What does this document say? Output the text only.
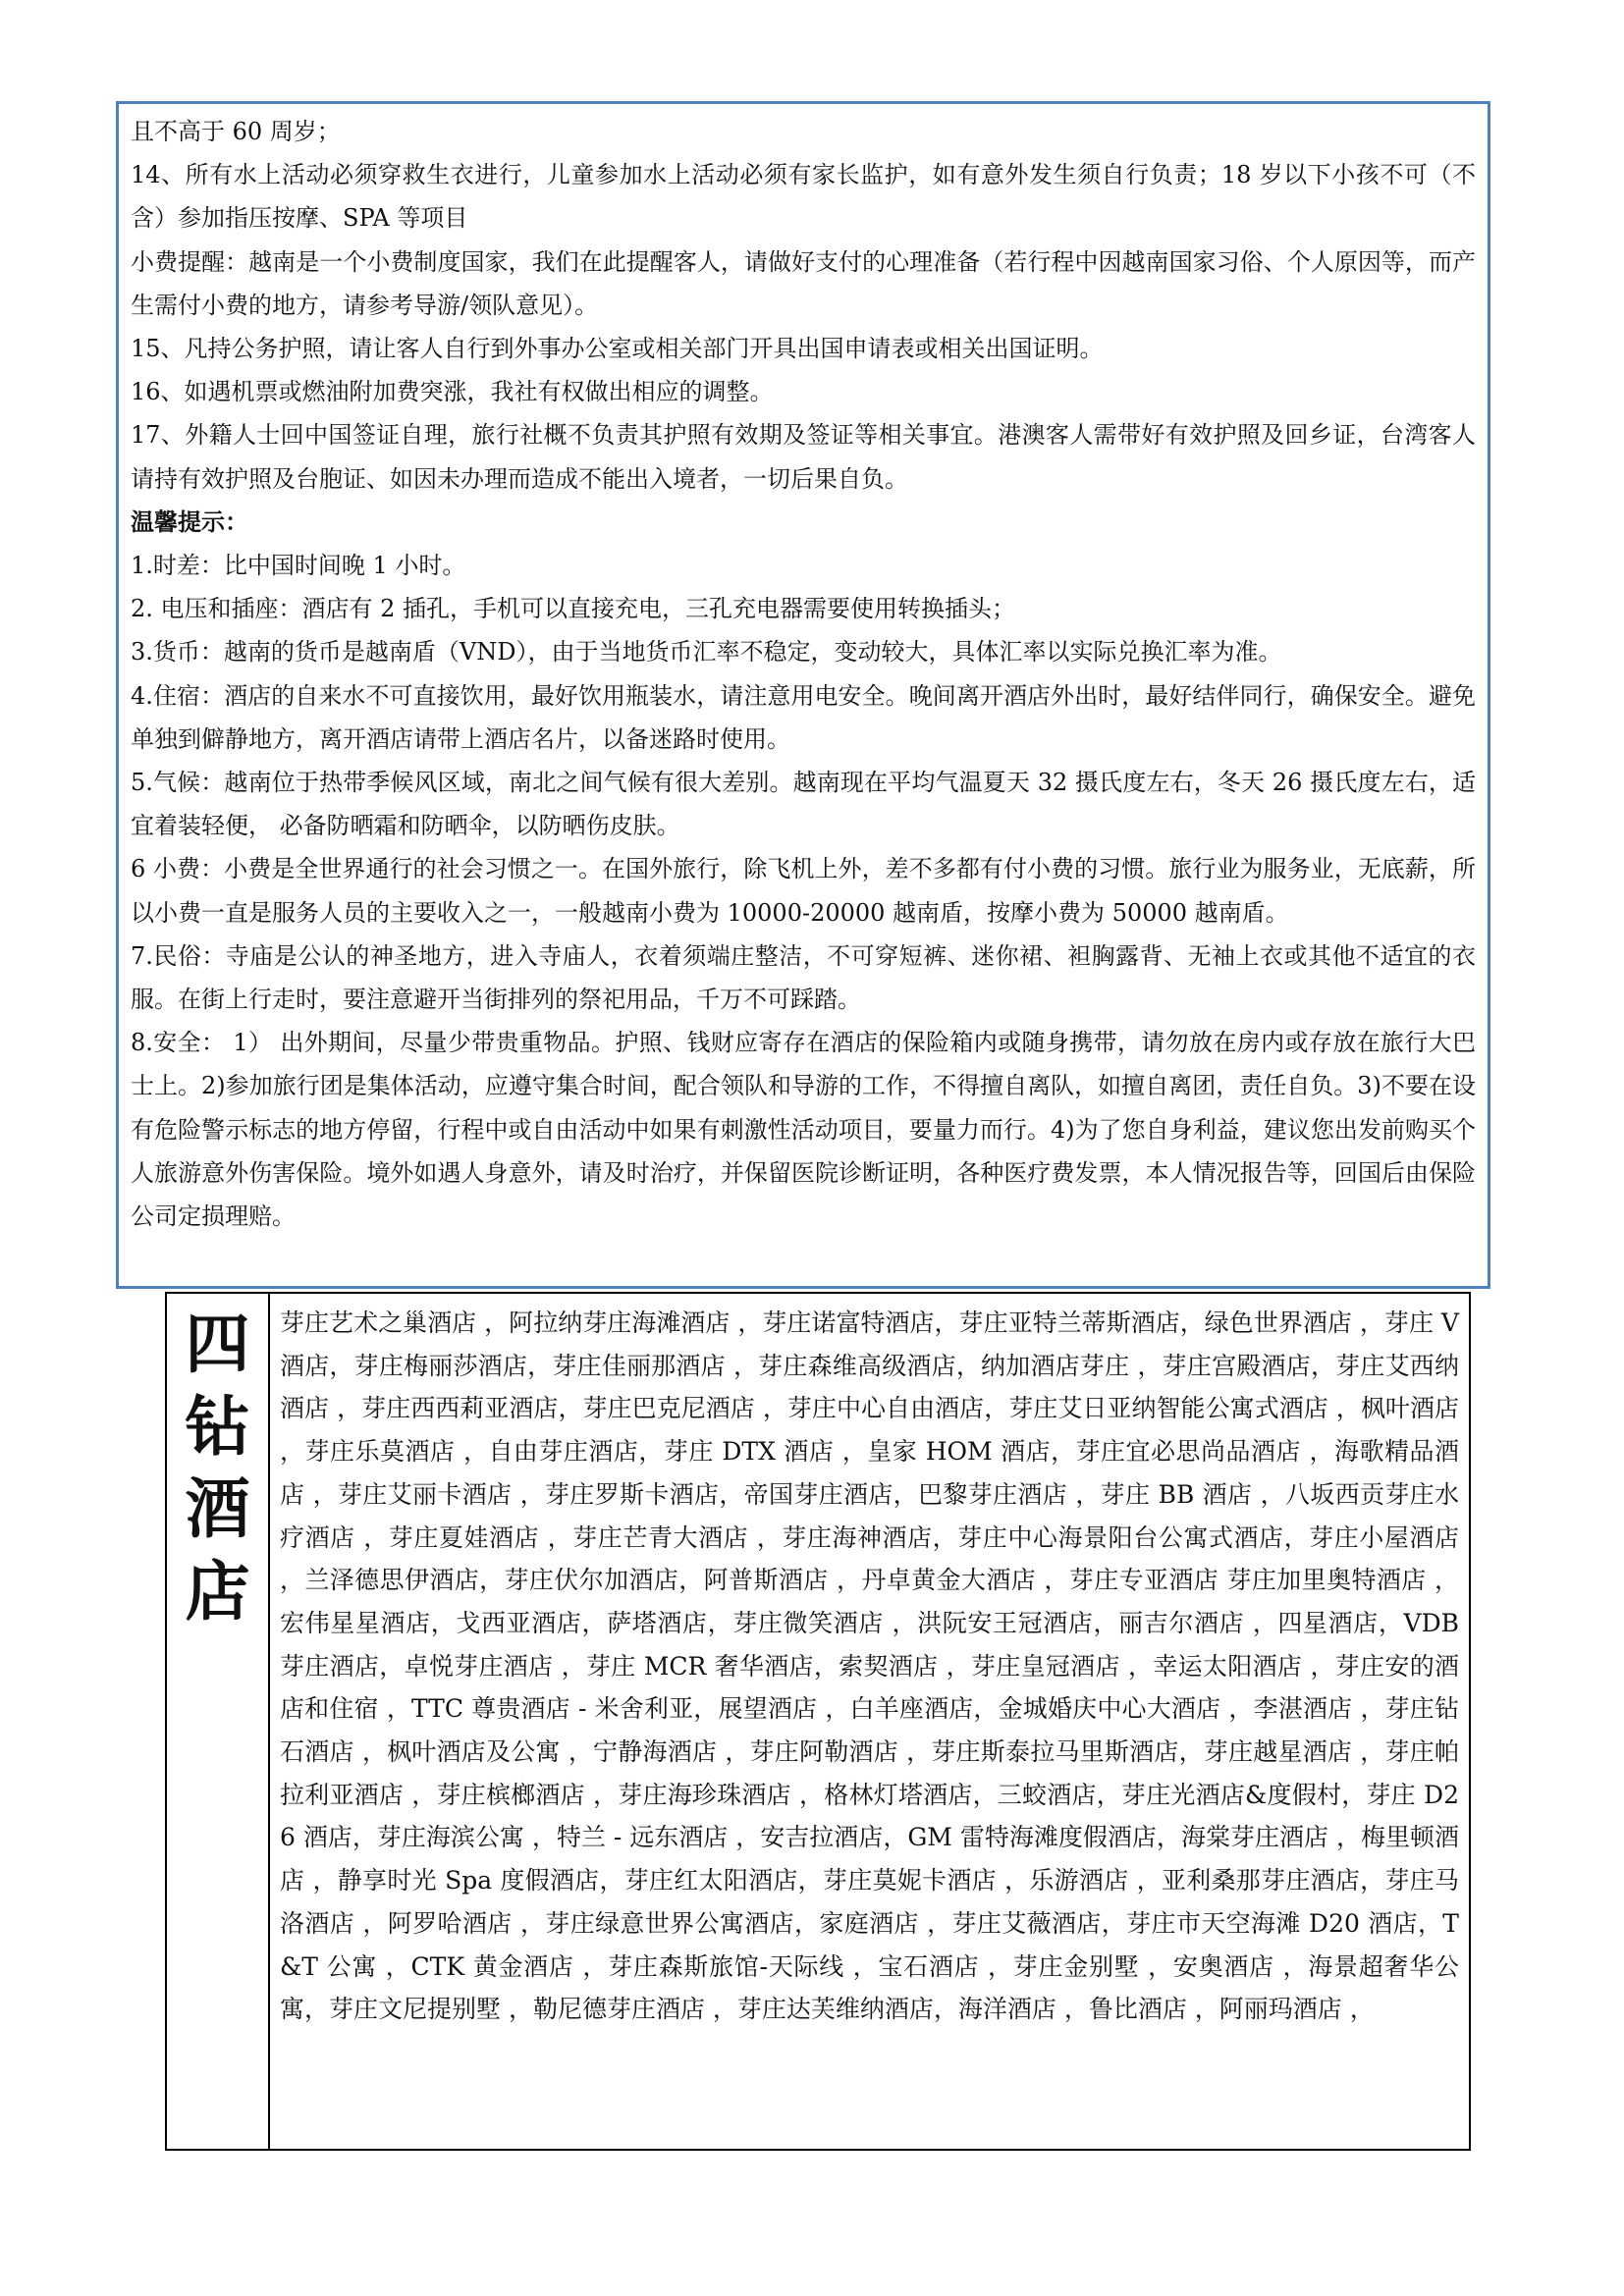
且不高于 60 周岁；

14、所有水上活动必须穿救生衣进行，儿童参加水上活动必须有家长监护，如有意外发生须自行负责；18 岁以下小孩不可（不含）参加指压按摩、SPA 等项目

小费提醒：越南是一个小费制度国家，我们在此提醒客人，请做好支付的心理准备（若行程中因越南国家习俗、个人原因等，而产生需付小费的地方，请参考导游/领队意见）。

15、凡持公务护照，请让客人自行到外事办公室或相关部门开具出国申请表或相关出国证明。

16、如遇机票或燃油附加费突涨，我社有权做出相应的调整。

17、外籍人士回中国签证自理，旅行社概不负责其护照有效期及签证等相关事宜。港澳客人需带好有效护照及回乡证，台湾客人请持有效护照及台胞证、如因未办理而造成不能出入境者，一切后果自负。

温馨提示：

1.时差：比中国时间晚 1 小时。

2. 电压和插座：酒店有 2 插孔，手机可以直接充电，三孔充电器需要使用转换插头；

3.货币：越南的货币是越南盾（VND），由于当地货币汇率不稳定，变动较大，具体汇率以实际兑换汇率为准。

4.住宿：酒店的自来水不可直接饮用，最好饮用瓶装水，请注意用电安全。晚间离开酒店外出时，最好结伴同行，确保安全。避免单独到僻静地方，离开酒店请带上酒店名片，以备迷路时使用。

5.气候：越南位于热带季候风区域，南北之间气候有很大差别。越南现在平均气温夏天 32 摄氏度左右，冬天 26 摄氏度左右，适宜着装轻便， 必备防晒霜和防晒伞，以防晒伤皮肤。

6 小费：小费是全世界通行的社会习惯之一。在国外旅行，除飞机上外，差不多都有付小费的习惯。旅行业为服务业，无底薪，所以小费一直是服务人员的主要收入之一，一般越南小费为 10000-20000 越南盾，按摩小费为 50000 越南盾。

7.民俗：寺庙是公认的神圣地方，进入寺庙人，衣着须端庄整洁，不可穿短裤、迷你裙、袒胸露背、无袖上衣或其他不适宜的衣服。在街上行走时，要注意避开当街排列的祭祀用品，千万不可踩踏。

8.安全： 1） 出外期间，尽量少带贵重物品。护照、钱财应寄存在酒店的保险箱内或随身携带，请勿放在房内或存放在旅行大巴士上。2)参加旅行团是集体活动，应遵守集合时间，配合领队和导游的工作，不得擅自离队，如擅自离团，责任自负。3)不要在设有危险警示标志的地方停留，行程中或自由活动中如果有刺激性活动项目，要量力而行。4)为了您自身利益，建议您出发前购买个人旅游意外伤害保险。境外如遇人身意外，请及时治疗，并保留医院诊断证明，各种医疗费发票，本人情况报告等，回国后由保险公司定损理赔。

四钻酒店
芽庄艺术之巢酒店 ，阿拉纳芽庄海滩酒店 ，芽庄诺富特酒店，芽庄亚特兰蒂斯酒店，绿色世界酒店 ，芽庄 V 酒店，芽庄梅丽莎酒店，芽庄佳丽那酒店 ，芽庄森维高级酒店，纳加酒店芽庄 ，芽庄宫殿酒店，芽庄艾西纳酒店 ，芽庄西西莉亚酒店，芽庄巴克尼酒店 ，芽庄中心自由酒店，芽庄艾日亚纳智能公寓式酒店 ，枫叶酒店 ，芽庄乐莫酒店 ，自由芽庄酒店，芽庄 DTX 酒店 ，皇家 HOM 酒店，芽庄宜必思尚品酒店 ，海歌精品酒店 ，芽庄艾丽卡酒店 ，芽庄罗斯卡酒店，帝国芽庄酒店，巴黎芽庄酒店 ，芽庄 BB 酒店 ，八坂西贡芽庄水疗酒店 ，芽庄夏娃酒店 ，芽庄芒青大酒店 ，芽庄海神酒店，芽庄中心海景阳台公寓式酒店，芽庄小屋酒店 ，兰泽德思伊酒店，芽庄伏尔加酒店，阿普斯酒店 ，丹卓黄金大酒店 ，芽庄专亚酒店 芽庄加里奥特酒店 ，宏伟星星酒店，戈西亚酒店，萨塔酒店，芽庄微笑酒店 ，洪阮安王冠酒店，丽吉尔酒店 ，四星酒店，VDB 芽庄酒店，卓悦芽庄酒店 ，芽庄 MCR 奢华酒店，索契酒店 ，芽庄皇冠酒店 ，幸运太阳酒店 ，芽庄安的酒店和住宿 ，TTC 尊贵酒店 - 米舍利亚，展望酒店 ，白羊座酒店，金城婚庆中心大酒店 ，李湛酒店 ，芽庄钻石酒店 ，枫叶酒店及公寓 ，宁静海酒店 ，芽庄阿勒酒店 ，芽庄斯泰拉马里斯酒店，芽庄越星酒店 ，芽庄帕拉利亚酒店 ，芽庄槟榔酒店 ，芽庄海珍珠酒店 ，格林灯塔酒店，三蛟酒店，芽庄光酒店&度假村，芽庄 D26 酒店，芽庄海滨公寓 ，特兰 - 远东酒店 ，安吉拉酒店，GM 雷特海滩度假酒店，海棠芽庄酒店 ，梅里顿酒店 ，静享时光 Spa 度假酒店，芽庄红太阳酒店，芽庄莫妮卡酒店 ，乐游酒店 ，亚利桑那芽庄酒店，芽庄马洛酒店 ，阿罗哈酒店 ，芽庄绿意世界公寓酒店，家庭酒店 ，芽庄艾薇酒店，芽庄市天空海滩 D20 酒店，T&T 公寓 ，CTK 黄金酒店 ，芽庄森斯旅馆-天际线 ，宝石酒店 ，芽庄金别墅 ，安奥酒店 ，海景超奢华公寓，芽庄文尼提别墅 ，勒尼德芽庄酒店 ，芽庄达芙维纳酒店，海洋酒店 ，鲁比酒店 ，阿丽玛酒店 ，
